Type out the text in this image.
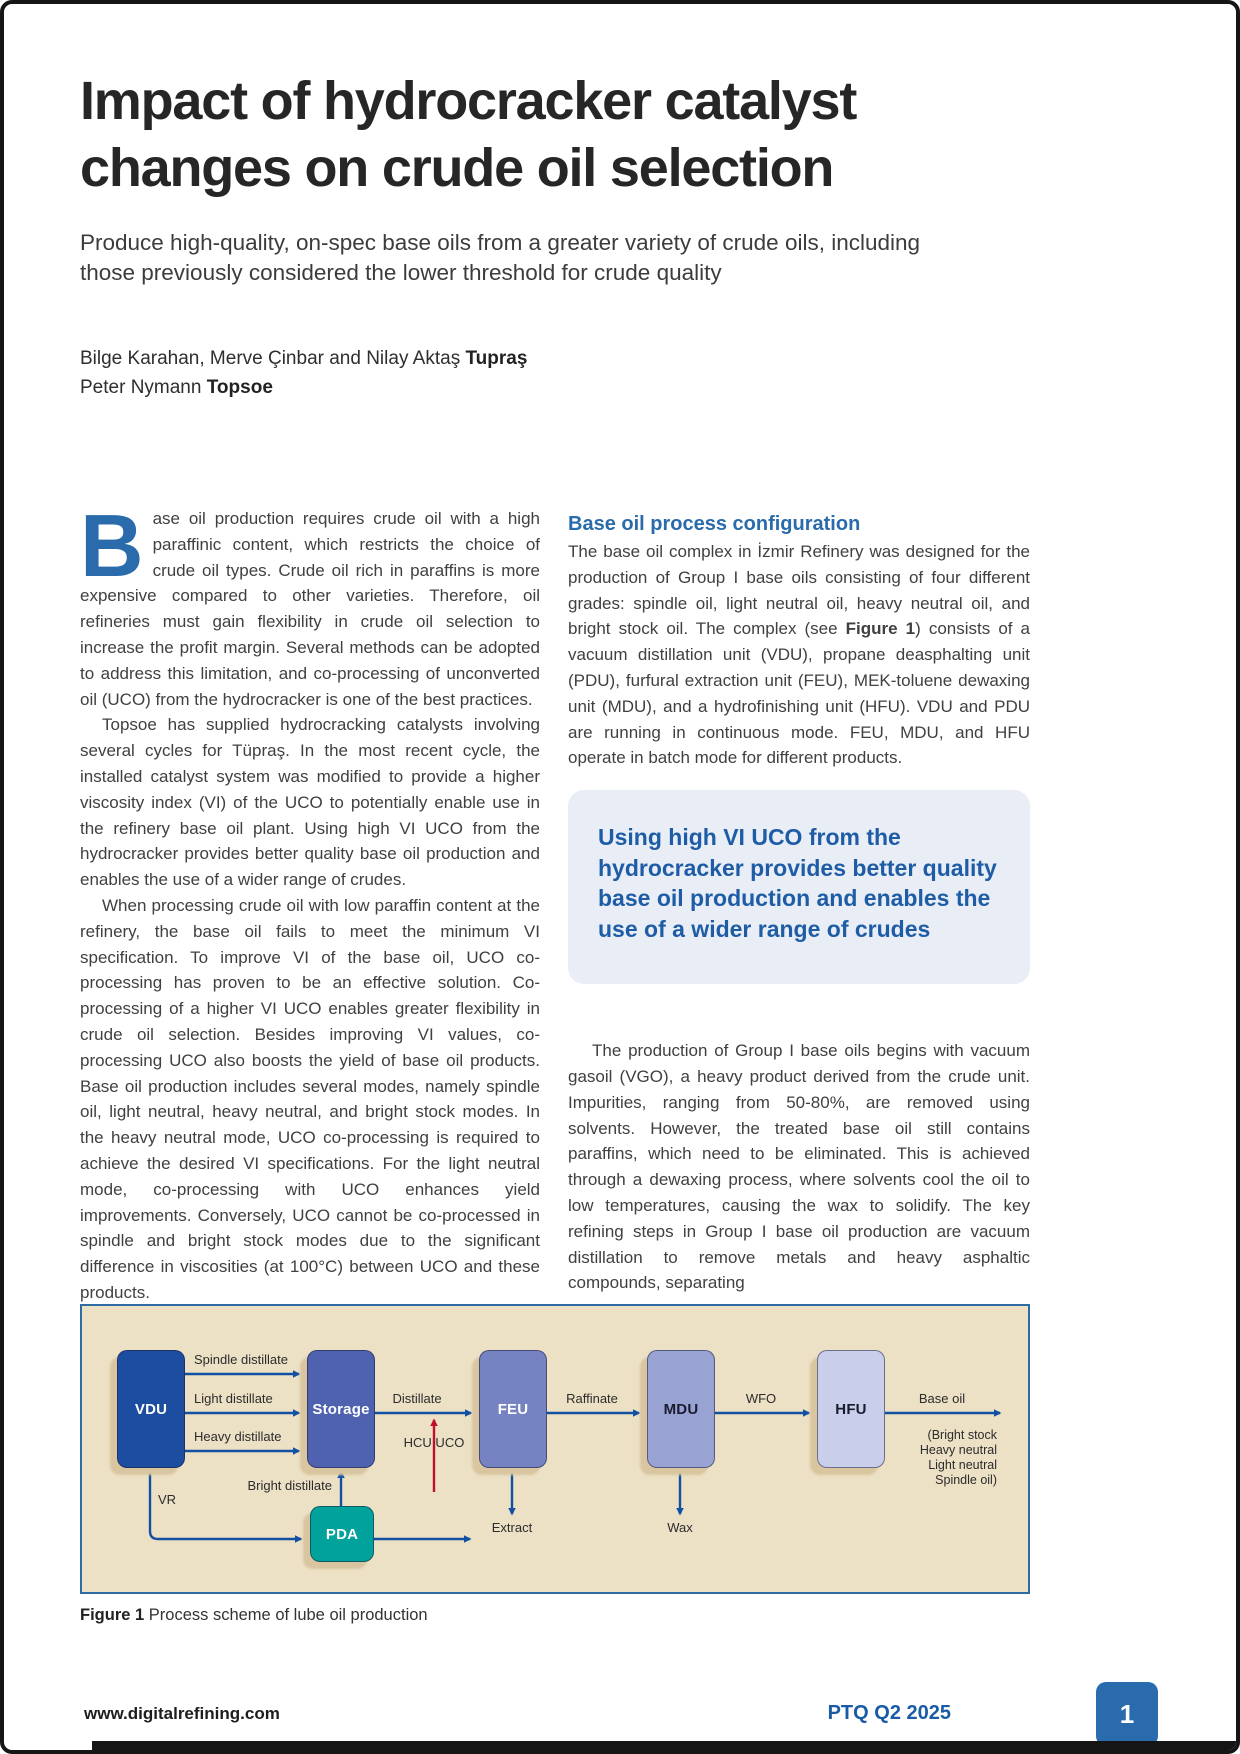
Impact of hydrocracker catalyst
changes on crude oil selection

Produce high-quality, on-spec base oils from a greater variety of crude oils, including those previously considered the lower threshold for crude quality

Bilge Karahan, Merve Çinbar and Nilay Aktaş Tupraş
Peter Nymann Topsoe

Base oil production requires crude oil with a high paraffinic content, which restricts the choice of crude oil types. Crude oil rich in paraffins is more expensive compared to other varieties. Therefore, oil refineries must gain flexibility in crude oil selection to increase the profit margin. Several methods can be adopted to address this limitation, and co-processing of unconverted oil (UCO) from the hydrocracker is one of the best practices.

Topsoe has supplied hydrocracking catalysts involving several cycles for Tüpraş. In the most recent cycle, the installed catalyst system was modified to provide a higher viscosity index (VI) of the UCO to potentially enable use in the refinery base oil plant. Using high VI UCO from the hydrocracker provides better quality base oil production and enables the use of a wider range of crudes.

When processing crude oil with low paraffin content at the refinery, the base oil fails to meet the minimum VI specification. To improve VI of the base oil, UCO co-processing has proven to be an effective solution. Co-processing of a higher VI UCO enables greater flexibility in crude oil selection. Besides improving VI values, co-processing UCO also boosts the yield of base oil products. Base oil production includes several modes, namely spindle oil, light neutral, heavy neutral, and bright stock modes. In the heavy neutral mode, UCO co-processing is required to achieve the desired VI specifications. For the light neutral mode, co-processing with UCO enhances yield improvements. Conversely, UCO cannot be co-processed in spindle and bright stock modes due to the significant difference in viscosities (at 100°C) between UCO and these products.

Base oil process configuration

The base oil complex in İzmir Refinery was designed for the production of Group I base oils consisting of four different grades: spindle oil, light neutral oil, heavy neutral oil, and bright stock oil. The complex (see Figure 1) consists of a vacuum distillation unit (VDU), propane deasphalting unit (PDU), furfural extraction unit (FEU), MEK-toluene dewaxing unit (MDU), and a hydrofinishing unit (HFU). VDU and PDU are running in continuous mode. FEU, MDU, and HFU operate in batch mode for different products.

Using high VI UCO from the hydrocracker provides better quality base oil production and enables the use of a wider range of crudes

The production of Group I base oils begins with vacuum gasoil (VGO), a heavy product derived from the crude unit. Impurities, ranging from 50-80%, are removed using solvents. However, the treated base oil still contains paraffins, which need to be eliminated. This is achieved through a dewaxing process, where solvents cool the oil to low temperatures, causing the wax to solidify. The key refining steps in Group I base oil production are vacuum distillation to remove metals and heavy asphaltic compounds, separating

VDU	Storage	FEU	MDU	HFU
PDA
Spindle distillate
Light distillate
Heavy distillate
VR
Bright distillate
Distillate
HCU UCO
Raffinate	WFO	Base oil
Extract	Wax
(Bright stock
Heavy neutral
Light neutral
Spindle oil)
Figure 1 Process scheme of lube oil production
www.digitalrefining.com	PTQ Q2 2025	1
